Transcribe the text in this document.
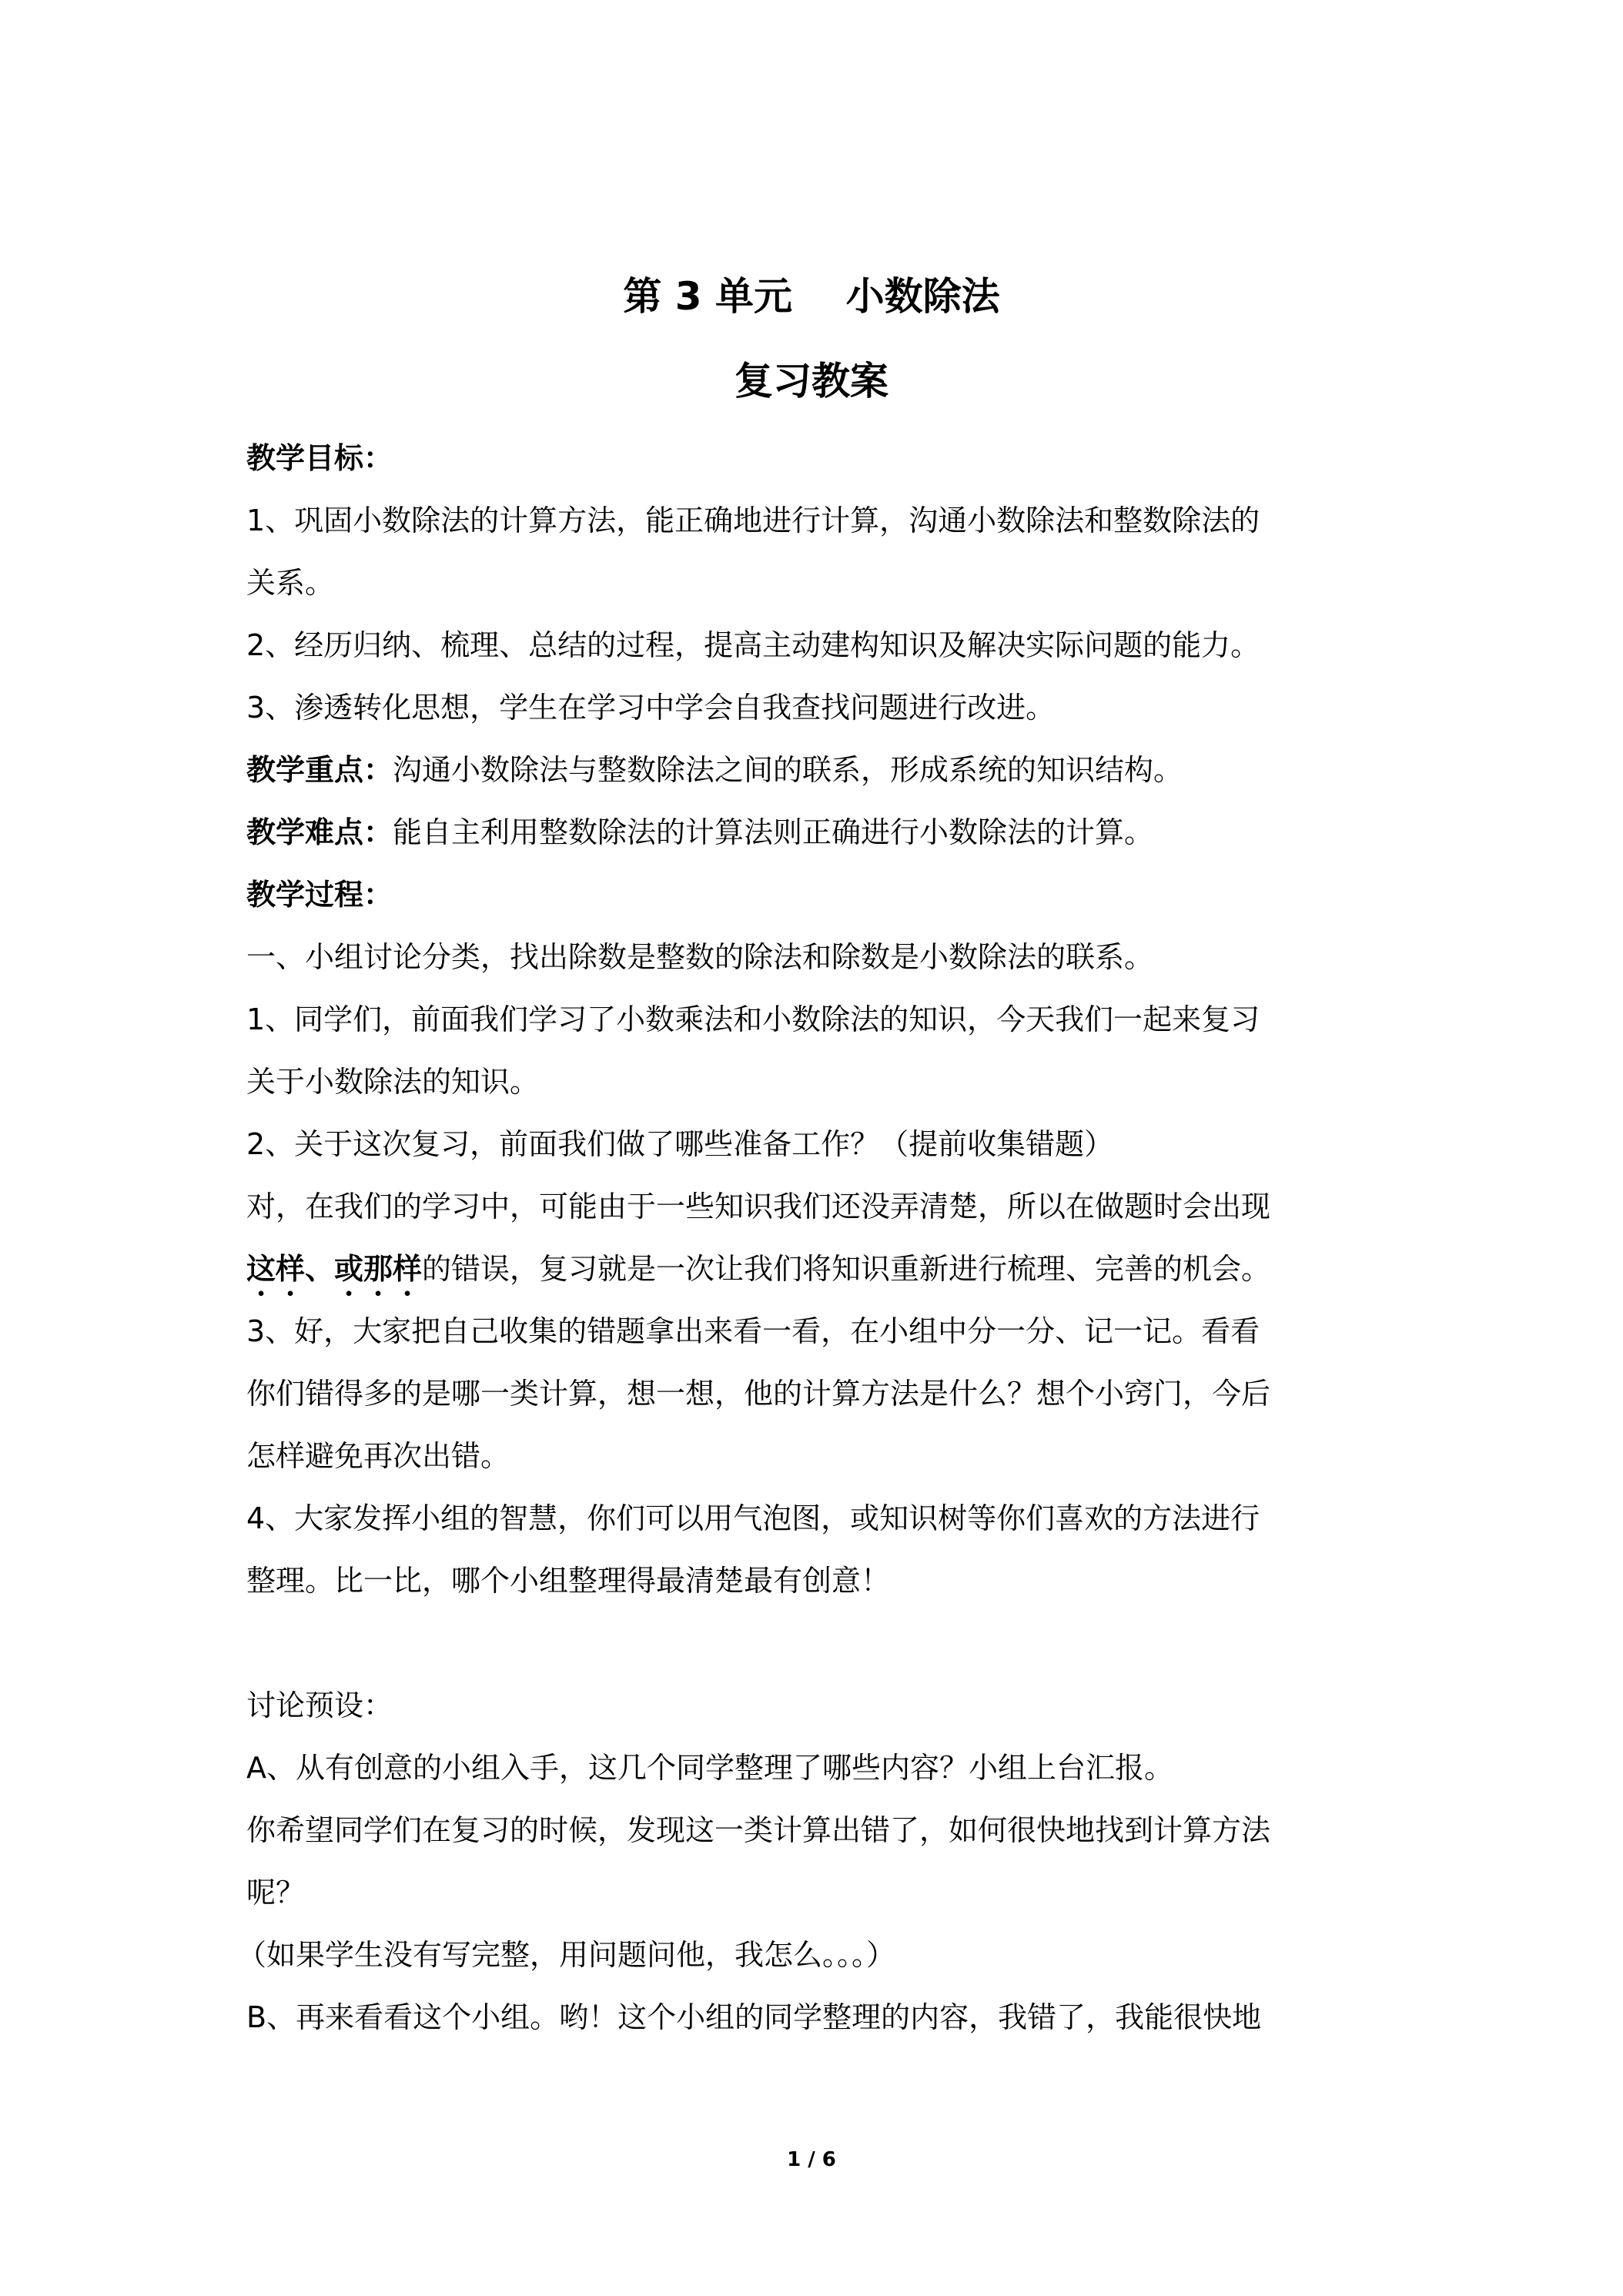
第 3 单元    小数除法
复习教案
教学目标：
1、巩固小数除法的计算方法，能正确地进行计算，沟通小数除法和整数除法的
关系。
2、经历归纳、梳理、总结的过程，提高主动建构知识及解决实际问题的能力。
3、渗透转化思想，学生在学习中学会自我查找问题进行改进。
教学重点：沟通小数除法与整数除法之间的联系，形成系统的知识结构。
教学难点：能自主利用整数除法的计算法则正确进行小数除法的计算。
教学过程：
一、小组讨论分类，找出除数是整数的除法和除数是小数除法的联系。
1、同学们，前面我们学习了小数乘法和小数除法的知识，今天我们一起来复习
关于小数除法的知识。
2、关于这次复习，前面我们做了哪些准备工作？（提前收集错题）
对，在我们的学习中，可能由于一些知识我们还没弄清楚，所以在做题时会出现
这样、或那样的错误，复习就是一次让我们将知识重新进行梳理、完善的机会。
3、好，大家把自己收集的错题拿出来看一看，在小组中分一分、记一记。看看
你们错得多的是哪一类计算，想一想，他的计算方法是什么？想个小窍门，今后
怎样避免再次出错。
4、大家发挥小组的智慧，你们可以用气泡图，或知识树等你们喜欢的方法进行
整理。比一比，哪个小组整理得最清楚最有创意！
讨论预设：
A、从有创意的小组入手，这几个同学整理了哪些内容？小组上台汇报。
你希望同学们在复习的时候，发现这一类计算出错了，如何很快地找到计算方法
呢？
（如果学生没有写完整，用问题问他，我怎么。。。）
B、再来看看这个小组。哟！这个小组的同学整理的内容，我错了，我能很快地
1 / 6
